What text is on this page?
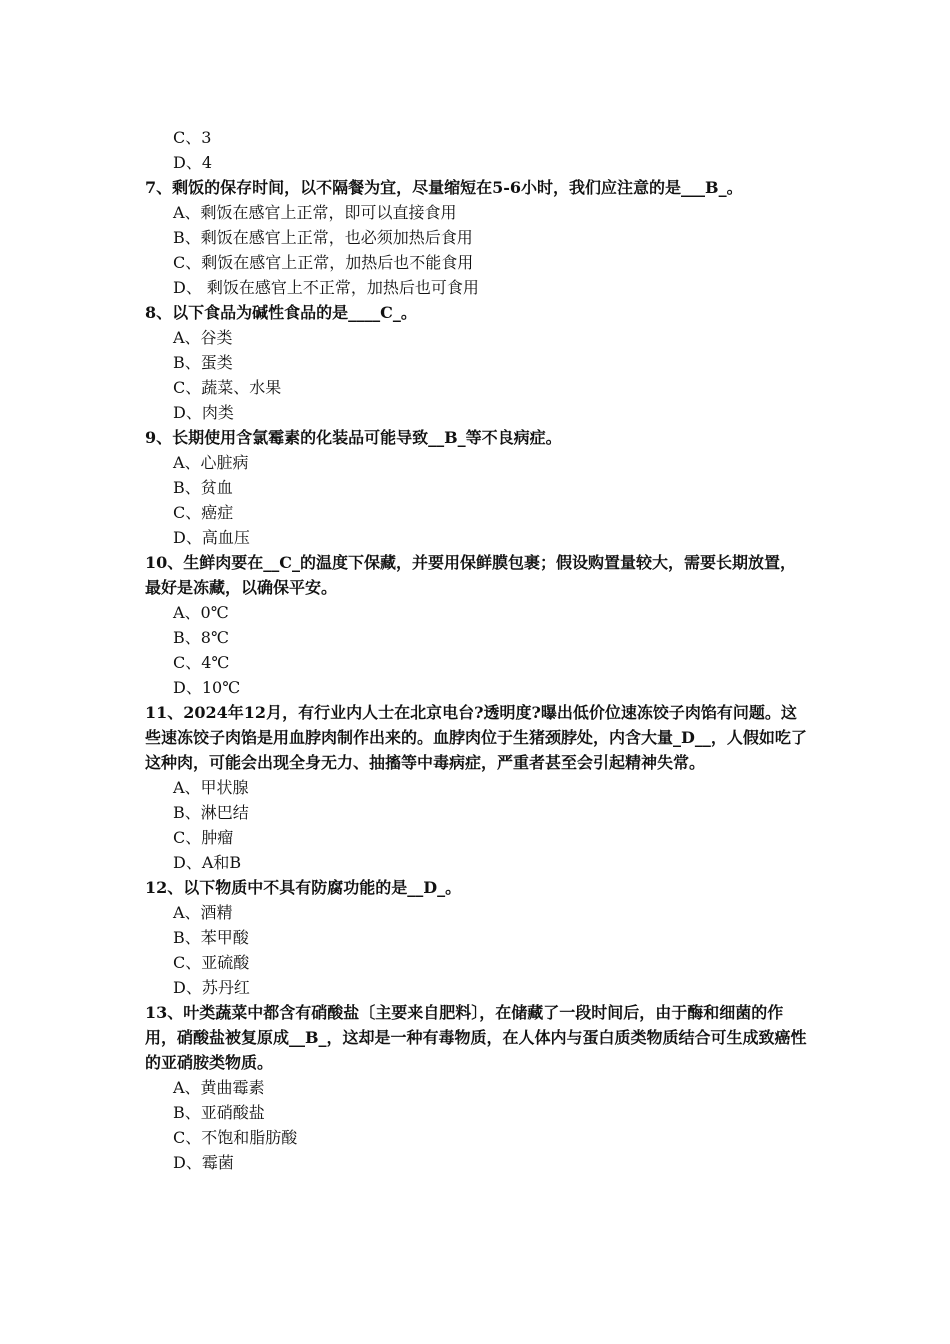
C、3
D、4
7、剩饭的保存时间，以不隔餐为宜，尽量缩短在5-6小时，我们应注意的是___B_。
A、剩饭在感官上正常，即可以直接食用
B、剩饭在感官上正常，也必须加热后食用
C、剩饭在感官上正常，加热后也不能食用
D、 剩饭在感官上不正常，加热后也可食用
8、以下食品为碱性食品的是____C_。
A、谷类
B、蛋类
C、蔬菜、水果
D、肉类
9、长期使用含氯霉素的化装品可能导致__B_等不良病症。
A、心脏病
B、贫血
C、癌症
D、高血压
10、生鲜肉要在__C_的温度下保藏，并要用保鲜膜包裹；假设购置量较大，需要长期放置，最好是冻藏，以确保平安。
A、0℃
B、8℃
C、4℃
D、10℃
11、2024年12月，有行业内人士在北京电台?透明度?曝出低价位速冻饺子肉馅有问题。这些速冻饺子肉馅是用血脖肉制作出来的。血脖肉位于生猪颈脖处，内含大量_D__，人假如吃了这种肉，可能会出现全身无力、抽搐等中毒病症，严重者甚至会引起精神失常。
A、甲状腺
B、淋巴结
C、肿瘤
D、A和B
12、以下物质中不具有防腐功能的是__D_。
A、酒精
B、苯甲酸
C、亚硫酸
D、苏丹红
13、叶类蔬菜中都含有硝酸盐〔主要来自肥料〕，在储藏了一段时间后，由于酶和细菌的作用，硝酸盐被复原成__B_，这却是一种有毒物质，在人体内与蛋白质类物质结合可生成致癌性的亚硝胺类物质。
A、黄曲霉素
B、亚硝酸盐
C、不饱和脂肪酸
D、霉菌
